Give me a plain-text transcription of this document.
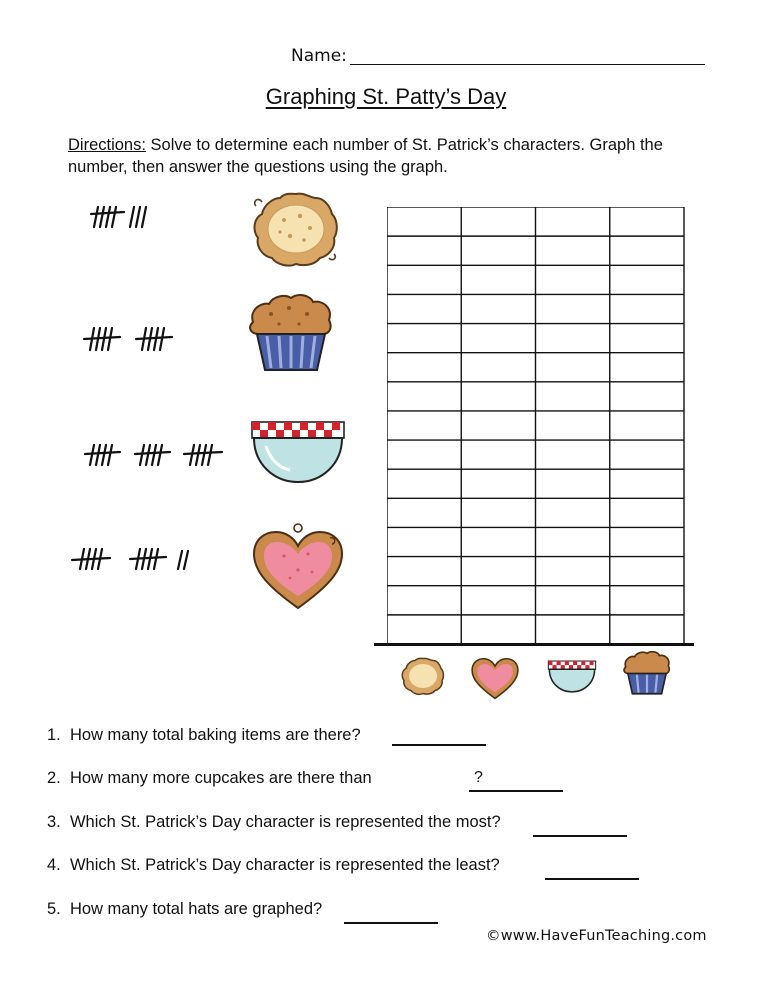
Name:
Graphing St. Patty’s Day
Directions: Solve to determine each number of St. Patrick’s characters. Graph the number, then answer the questions using the graph.
1. How many total baking items are there?
2. How many more cupcakes are there than	?
3. Which St. Patrick’s Day character is represented the most?
4.  Which St. Patrick’s Day character is represented the least?
5. How many total hats are graphed?
©www.HaveFunTeaching.com
